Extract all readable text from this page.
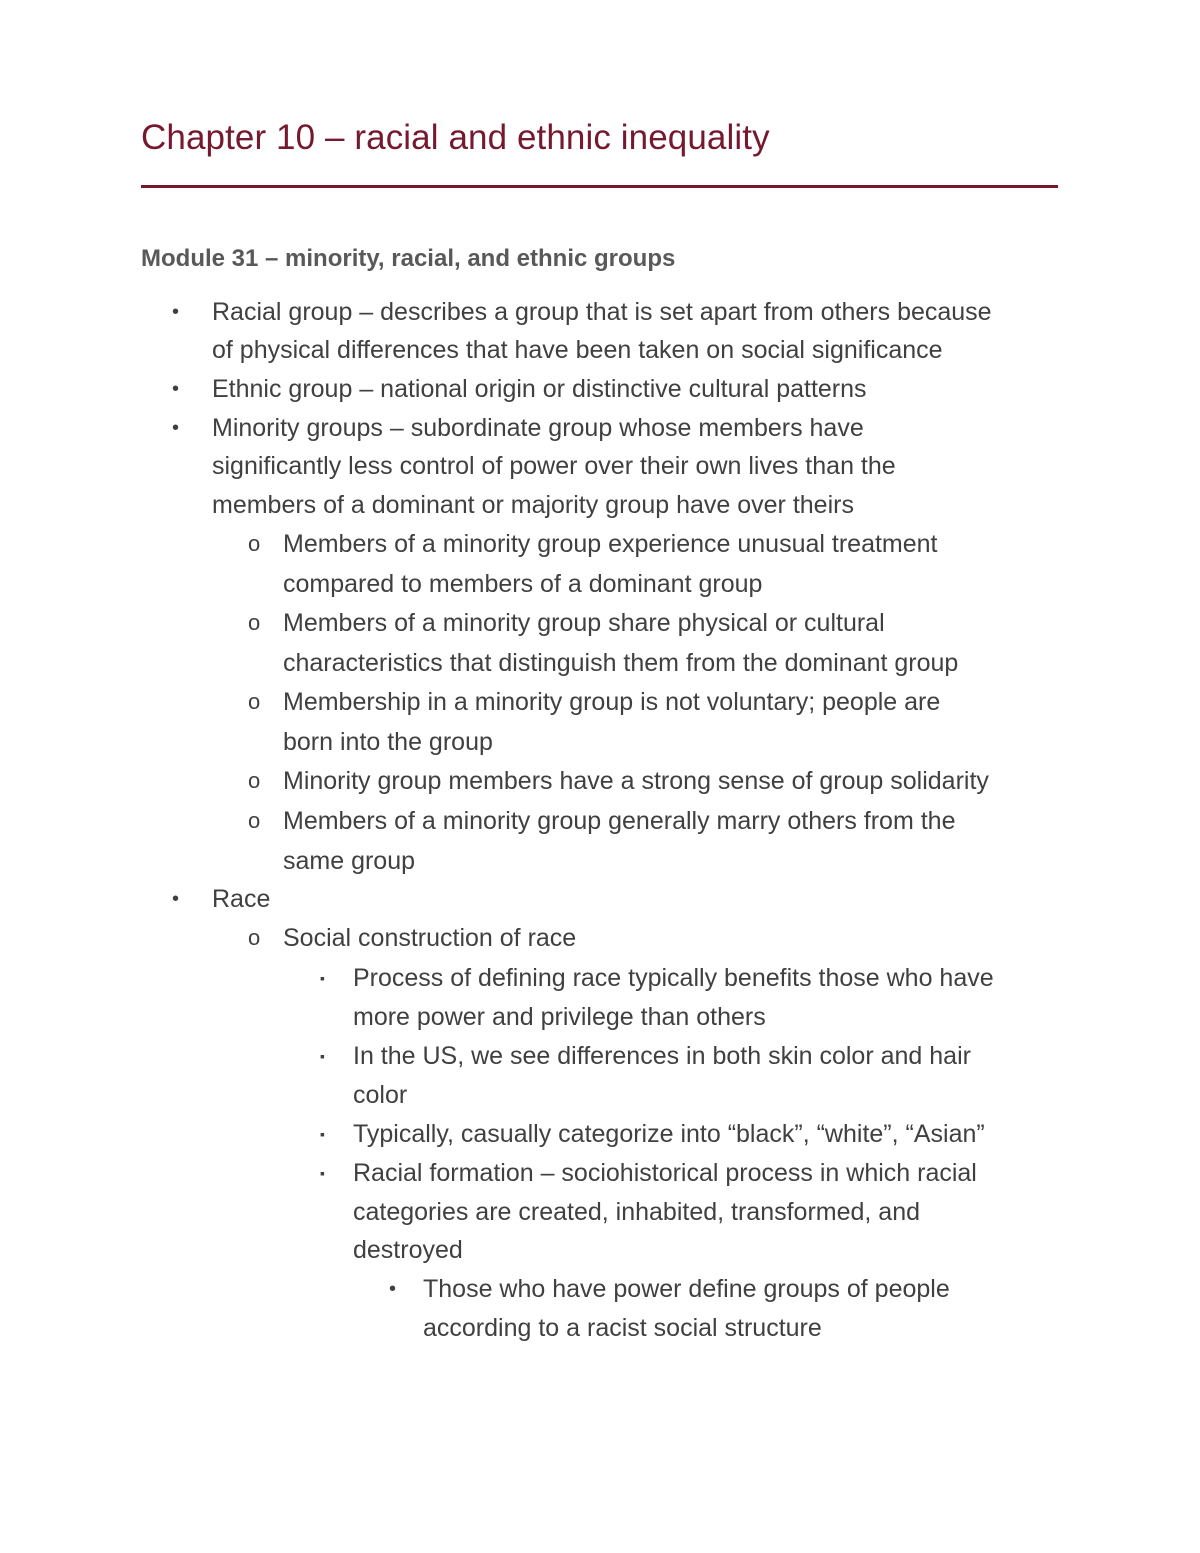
Chapter 10 – racial and ethnic inequality
Module 31 – minority, racial, and ethnic groups
• Racial group – describes a group that is set apart from others because
of physical differences that have been taken on social significance
• Ethnic group – national origin or distinctive cultural patterns
• Minority groups – subordinate group whose members have
significantly less control of power over their own lives than the
members of a dominant or majority group have over theirs
o Members of a minority group experience unusual treatment
compared to members of a dominant group
o Members of a minority group share physical or cultural
characteristics that distinguish them from the dominant group
o Membership in a minority group is not voluntary; people are
born into the group
o Minority group members have a strong sense of group solidarity
o Members of a minority group generally marry others from the
same group
• Race
o Social construction of race
▪ Process of defining race typically benefits those who have
more power and privilege than others
▪ In the US, we see differences in both skin color and hair
color
▪ Typically, casually categorize into “black”, “white”, “Asian”
▪ Racial formation – sociohistorical process in which racial
categories are created, inhabited, transformed, and
destroyed
• Those who have power define groups of people
according to a racist social structure
